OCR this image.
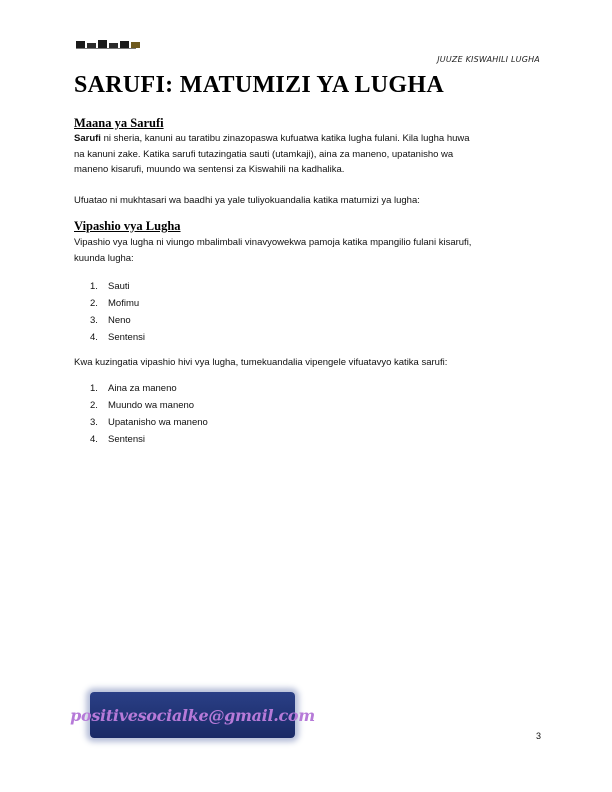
JUUZE KISWAHILI LUGHA
SARUFI: MATUMIZI YA LUGHA
Maana ya Sarufi

Sarufi ni sheria, kanuni au taratibu zinazopaswa kufuatwa katika lugha fulani. Kila lugha huwa
na kanuni zake. Katika sarufi tutazingatia sauti (utamkaji), aina za maneno, upatanisho wa
maneno kisarufi, muundo wa sentensi za Kiswahili na kadhalika.

Ufuatao ni mukhtasari wa baadhi ya yale tuliyokuandalia katika matumizi ya lugha:

Vipashio vya Lugha

Vipashio vya lugha ni viungo mbalimbali vinavyowekwa pamoja katika mpangilio fulani kisarufi,
kuunda lugha:

1. Sauti
2. Mofimu
3. Neno
4. Sentensi

Kwa kuzingatia vipashio hivi vya lugha, tumekuandalia vipengele vifuatavyo katika sarufi:

1. Aina za maneno
2. Muundo wa maneno
3. Upatanisho wa maneno
4. Sentensi
positivesocialke@gmail.com
3
